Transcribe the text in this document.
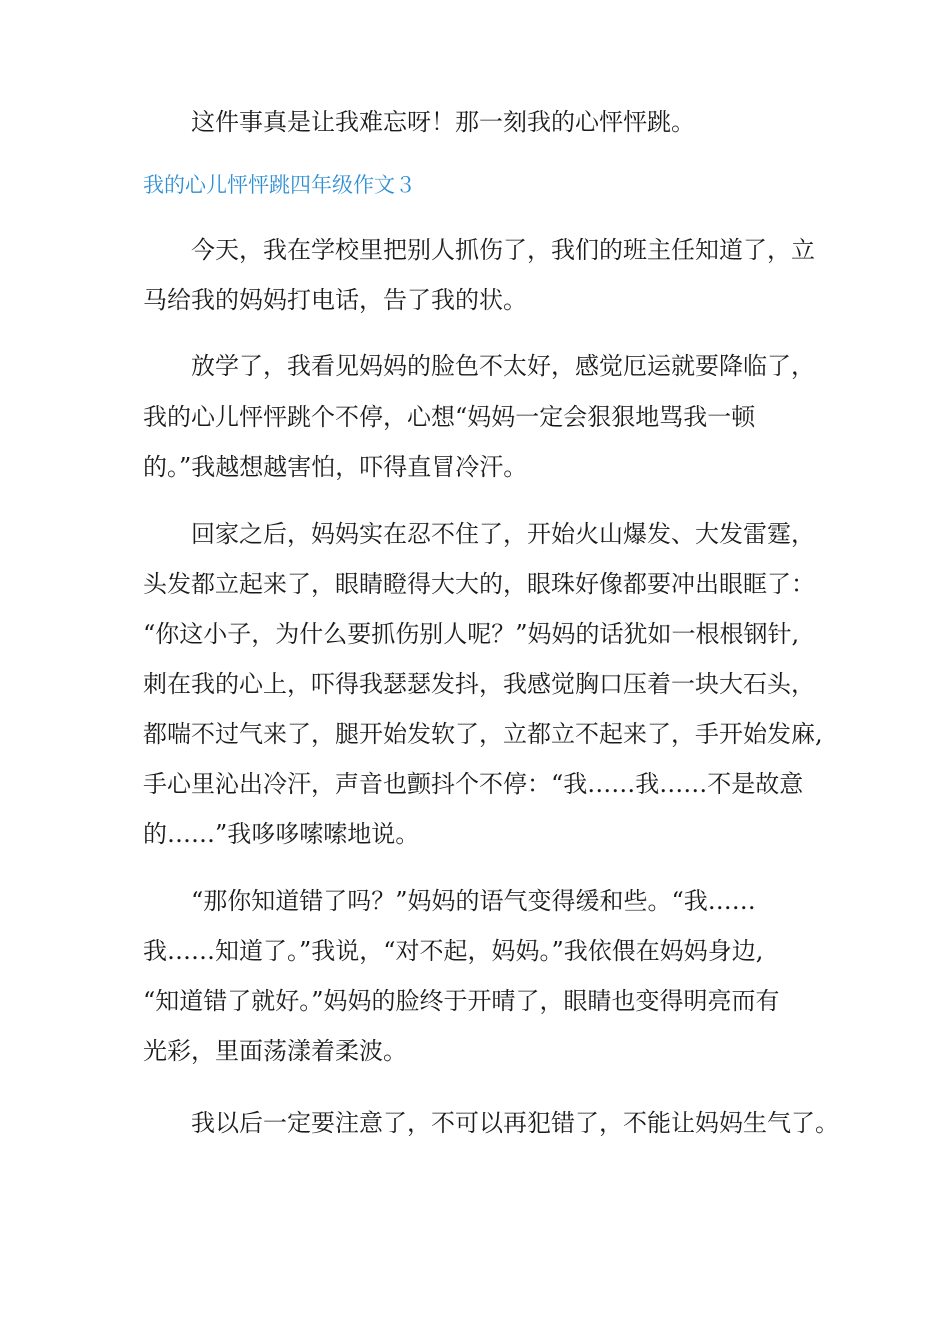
这件事真是让我难忘呀！那一刻我的心怦怦跳。

我的心儿怦怦跳四年级作文３

今天，我在学校里把别人抓伤了，我们的班主任知道了，立

马给我的妈妈打电话，告了我的状。

放学了，我看见妈妈的脸色不太好，感觉厄运就要降临了，

我的心儿怦怦跳个不停，心想“妈妈一定会狠狠地骂我一顿

的。”我越想越害怕，吓得直冒冷汗。

回家之后，妈妈实在忍不住了，开始火山爆发、大发雷霆，

头发都立起来了，眼睛瞪得大大的，眼珠好像都要冲出眼眶了：

“你这小子，为什么要抓伤别人呢？”妈妈的话犹如一根根钢针,

刺在我的心上，吓得我瑟瑟发抖，我感觉胸口压着一块大石头，

都喘不过气来了，腿开始发软了，立都立不起来了，手开始发麻,

手心里沁出冷汗，声音也颤抖个不停：“我……我……不是故意

的……”我哆哆嗦嗦地说。

“那你知道错了吗？”妈妈的语气变得缓和些。“我……

我……知道了。”我说，“对不起，妈妈。”我依偎在妈妈身边,

“知道错了就好。”妈妈的脸终于开晴了，眼睛也变得明亮而有

光彩，里面荡漾着柔波。

我以后一定要注意了，不可以再犯错了，不能让妈妈生气了。
